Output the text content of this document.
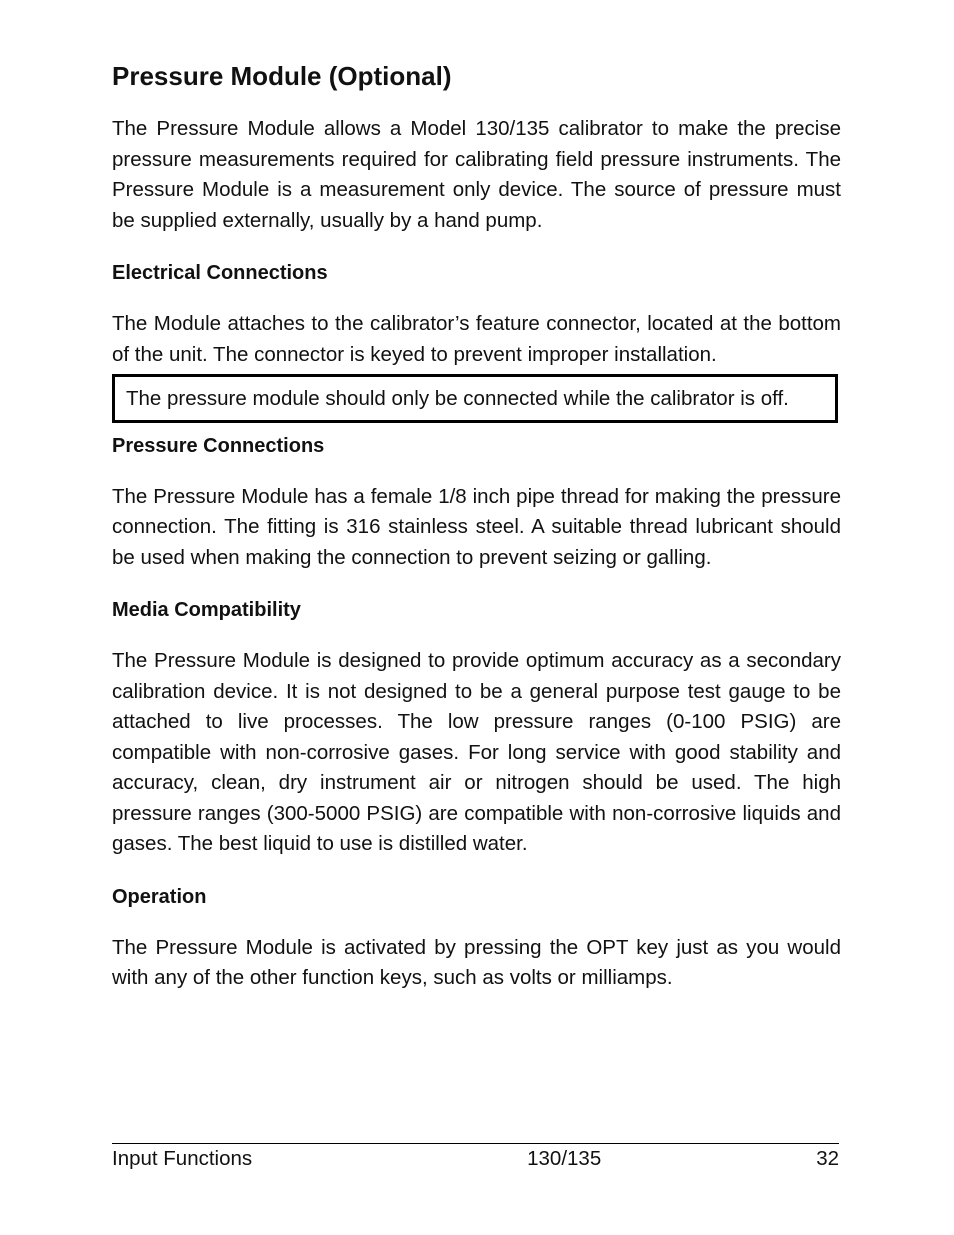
Pressure Module (Optional)

The Pressure Module allows a Model 130/135 calibrator to make the precise pressure measurements required for calibrating field pressure instruments. The Pressure Module is a measurement only device. The source of pressure must be supplied externally, usually by a hand pump.

Electrical Connections

The Module attaches to the calibrator’s feature connector, located at the bottom of the unit. The connector is keyed to prevent improper installation.

The pressure module should only be connected while the calibrator is off.

Pressure Connections

The Pressure Module has a female 1/8 inch pipe thread for making the pressure connection. The fitting is 316 stainless steel. A suitable thread lubricant should be used when making the connection to prevent seizing or galling.

Media Compatibility

The Pressure Module is designed to provide optimum accuracy as a secondary calibration device. It is not designed to be a general purpose test gauge to be attached to live processes. The low pressure ranges (0-100 PSIG) are compatible with non-corrosive gases. For long service with good stability and accuracy, clean, dry instrument air or nitrogen should be used. The high pressure ranges (300-5000 PSIG) are compatible with non-corrosive liquids and gases. The best liquid to use is distilled water.

Operation

The Pressure Module is activated by pressing the OPT key just as you would with any of the other function keys, such as volts or milliamps.

Input Functions	130/135	32
